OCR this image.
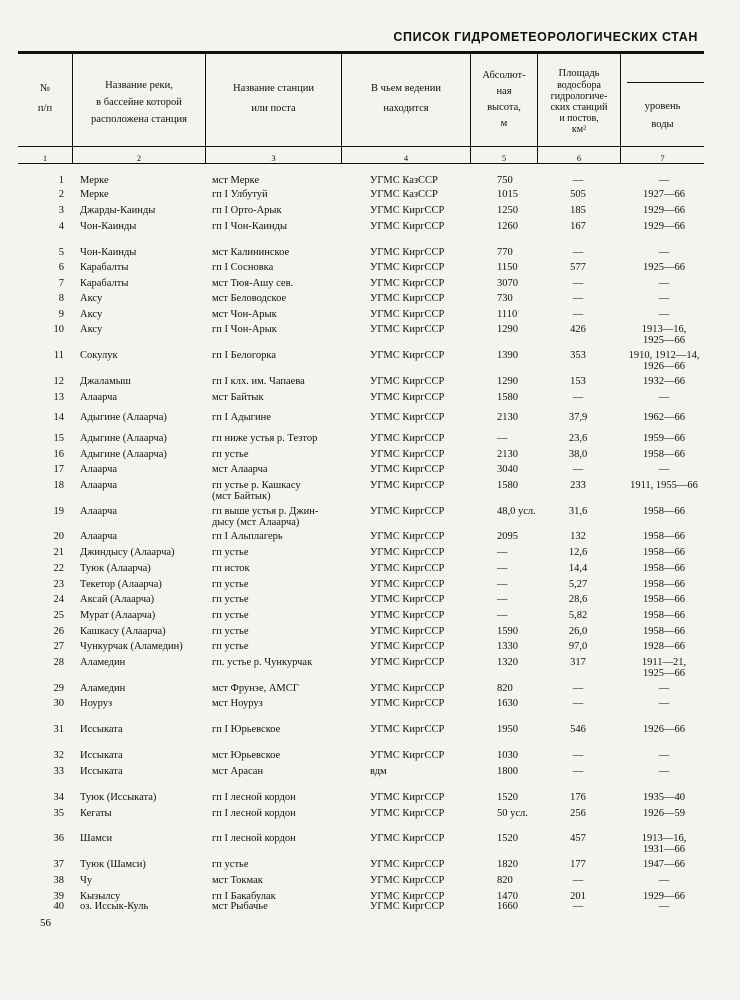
СПИСОК ГИДРОМЕТЕОРОЛОГИЧЕСКИХ СТАН
№
п/п
Название реки,
в бассейне которой
расположена станция
Название станции
или поста
В чьем ведении
находится
Абсолют-
ная
высота,
м
Площадь
водосбора
гидрологиче-
ских станций
и постов,
км²
уровень
воды
1	2	3	4	5	6	7
1 Мерке	мст Мерке	УГМС КазССР	750	—	—
2 Мерке	гп I Улбутуй	УГМС КазССР	1015	505	1927—66
3 Джарды-Каинды	гп I Орто-Арык	УГМС КиргССР	1250	185	1929—66
4 Чон-Каинды	гп I Чон-Каинды	УГМС КиргССР	1260	167	1929—66
5 Чон-Каинды	мст Калининское	УГМС КиргССР	770	—	—
6 Карабалты	гп I Сосновка	УГМС КиргССР	1150	577	1925—66
7 Карабалты	мст Тюя-Ашу сев.	УГМС КиргССР	3070	—	—
8 Аксу	мст Беловодское	УГМС КиргССР	730	—	—
9 Аксу	мст Чон-Арык	УГМС КиргССР	1110	—	—
10 Аксу	гп I Чон-Арык	УГМС КиргССР	1290	426	1913—16,
1925—66
11 Сокулук	гп I Белогорка	УГМС КиргССР	1390	353	1910, 1912—14,
1926—66
12 Джаламыш	гп I клх. им. Чапаева	УГМС КиргССР	1290	153	1932—66
13 Алаарча	мст Байтык	УГМС КиргССР	1580	—	—
14 Адыгине (Алаарча)	гп I Адыгине	УГМС КиргССР	2130	37,9	1962—66
15 Адыгине (Алаарча)	гп ниже устья р. Тезтор	УГМС КиргССР	—	23,6	1959—66
16 Адыгине (Алаарча)	гп устье	УГМС КиргССР	2130	38,0	1958—66
17 Алаарча	мст Алаарча	УГМС КиргССР	3040	—	—
18 Алаарча	гп устье р. Кашкасу
(мст Байтык)
УГМС КиргССР	1580	233	1911, 1955—66
19 Алаарча	гп выше устья р. Джин-
дысу (мст Алаарча)
УГМС КиргССР	48,0 усл.	31,6	1958—66
20 Алаарча	гп I Альплагерь	УГМС КиргССР	2095	132	1958—66
21 Джиндысу (Алаарча)	гп устье	УГМС КиргССР	—	12,6	1958—66
22 Туюк (Алаарча)	гп исток	УГМС КиргССР	—	14,4	1958—66
23 Текетор (Алаарча)	гп устье	УГМС КиргССР	—	5,27	1958—66
24 Аксай (Алаарча)	гп устье	УГМС КиргССР	—	28,6	1958—66
25 Мурат (Алаарча)	гп устье	УГМС КиргССР	—	5,82	1958—66
26 Кашкасу (Алаарча)	гп устье	УГМС КиргССР	1590	26,0	1958—66
27 Чункурчак (Аламедин)	гп устье	УГМС КиргССР	1330	97,0	1928—66
28 Аламедин	гп. устье р. Чункурчак	УГМС КиргССР	1320	317	1911—21,
1925—66
29 Аламедин	мст Фрунзе, АМСГ	УГМС КиргССР	820	—	—
30 Ноуруз	мст Ноуруз	УГМС КиргССР	1630	—	—
31 Иссыката	гп I Юрьевское	УГМС КиргССР	1950	546	1926—66
32 Иссыката	мст Юрьевское	УГМС КиргССР	1030	—	—
33 Иссыката	мст Арасан	вдм	1800	—	—
34 Туюк (Иссыката)	гп I лесной кордон	УГМС КиргССР	1520	176	1935—40
35 Кегаты	гп I лесной кордон	УГМС КиргССР	50 усл.	256	1926—59
36 Шамси	гп I лесной кордон	УГМС КиргССР	1520	457	1913—16,
1931—66
37 Туюк (Шамси)	гп устье	УГМС КиргССР	1820	177	1947—66
38 Чу	мст Токмак	УГМС КиргССР	820	—	—
39 Кызылсу	гп I Бакабулак	УГМС КиргССР	1470	201	1929—66
40 оз. Иссык-Куль	мст Рыбачье	УГМС КиргССР	1660	—	—
56
